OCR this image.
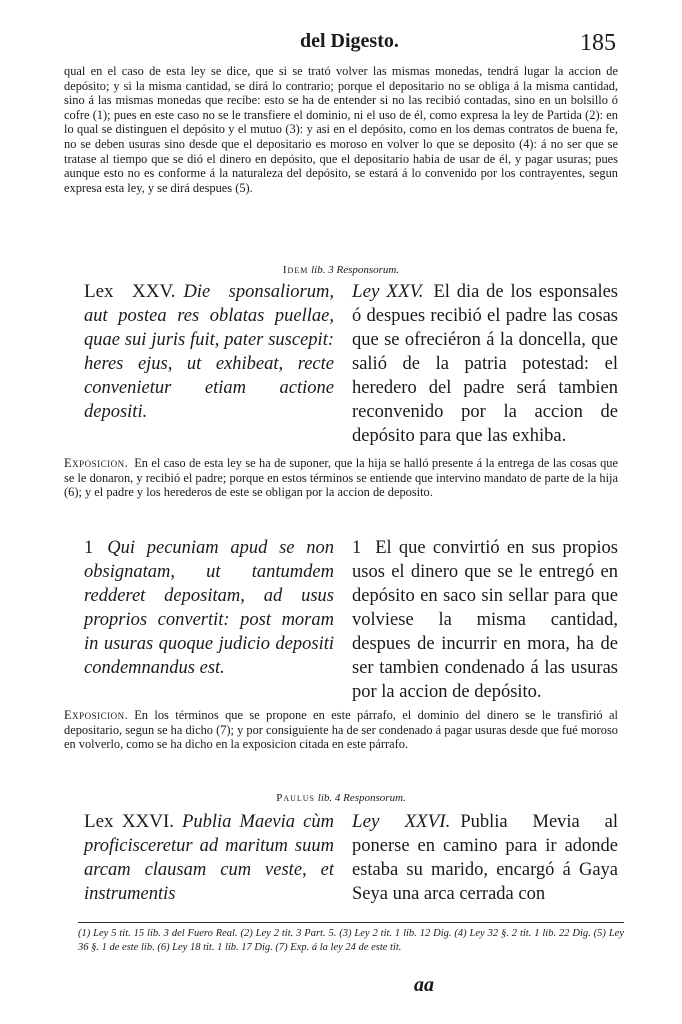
del Digesto.	185
qual en el caso de esta ley se dice, que si se trató volver las mismas monedas, tendrá lugar la accion de depósito; y si la misma cantidad, se dirá lo contrario; porque el depositario no se obliga á la misma cantidad, sino á las mismas monedas que recibe: esto se ha de entender si no las recibió contadas, sino en un bolsillo ó cofre (1); pues en este caso no se le transfiere el dominio, ni el uso de él, como expresa la ley de Partida (2): en lo qual se distinguen el depósito y el mutuo (3): y asi en el depósito, como en los demas contratos de buena fe, no se deben usuras sino desde que el depositario es moroso en volver lo que se deposito (4): á no ser que se tratase al tiempo que se dió el dinero en depósito, que el depositario habia de usar de él, y pagar usuras; pues aunque esto no es conforme á la naturaleza del depósito, se estará á lo convenido por los contrayentes, segun expresa esta ley, y se dirá despues (5).
Idem lib. 3 Responsorum.
Lex XXV. Die sponsaliorum, aut postea res oblatas puellae, quae sui juris fuit, pater suscepit: heres ejus, ut exhibeat, recte convenietur etiam actione depositi.
Ley XXV. El dia de los esponsales ó despues recibió el padre las cosas que se ofreciéron á la doncella, que salió de la patria potestad: el heredero del padre será tambien reconvenido por la accion de depósito para que las exhiba.
Exposicion. En el caso de esta ley se ha de suponer, que la hija se halló presente á la entrega de las cosas que se le donaron, y recibió el padre; porque en estos términos se entiende que intervino mandato de parte de la hija (6); y el padre y los herederos de este se obligan por la accion de deposito.
1 Qui pecuniam apud se non obsignatam, ut tantumdem redderet depositam, ad usus proprios convertit: post moram in usuras quoque judicio depositi condemnandus est.
1 El que convirtió en sus propios usos el dinero que se le entregó en depósito en saco sin sellar para que volviese la misma cantidad, despues de incurrir en mora, ha de ser tambien condenado á las usuras por la accion de depósito.
Exposicion. En los términos que se propone en este párrafo, el dominio del dinero se le transfirió al depositario, segun se ha dicho (7); y por consiguiente ha de ser condenado á pagar usuras desde que fué moroso en volverlo, como se ha dicho en la exposicion citada en este párrafo.
Paulus lib. 4 Responsorum.
Lex XXVI. Publia Maevia cùm proficisceretur ad maritum suum arcam clausam cum veste, et instrumentis
Ley XXVI. Publia Mevia al ponerse en camino para ir adonde estaba su marido, encargó á Gaya Seya una arca cerrada con
(1) Ley 5 tit. 15 lib. 3 del Fuero Real. (2) Ley 2 tit. 3 Part. 5. (3) Ley 2 tit. 1 lib. 12 Dig. (4) Ley 32 §. 2 tit. 1 lib. 22 Dig. (5) Ley 36 §. 1 de este lib. (6) Ley 18 tit. 1 lib. 17 Dig. (7) Exp. á la ley 24 de este tit.
aa
